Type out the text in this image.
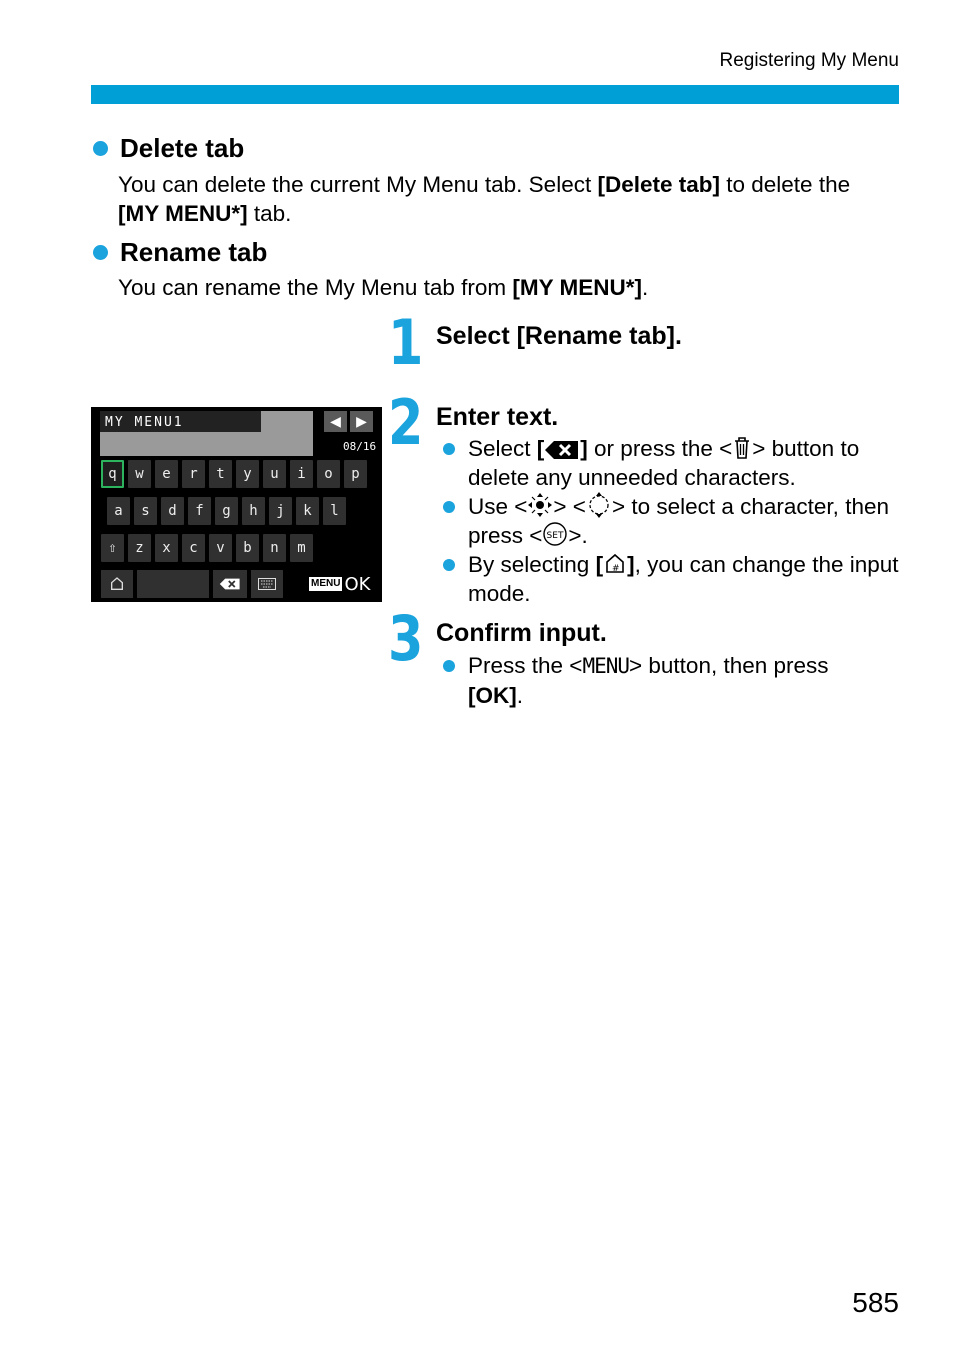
Registering My Menu
Delete tab
You can delete the current My Menu tab. Select [Delete tab] to delete the
[MY MENU*] tab.
Rename tab
You can rename the My Menu tab from [MY MENU*].
1 Select [Rename tab].
2 Enter text.
Select [ ] or press the < > button to delete any unneeded characters.
Use < > < > to select a character, then press < SET >.
By selecting [ # ], you can change the input mode.
MY MENU1	◀ ▶
08/16
q	w	e	r	t	y	u	i	o	p
a	s	d	f	g	h	j	k	l
⇧	z	x	c	v	b	n	m
MENU OK
3 Confirm input.
Press the <MENU> button, then press
[OK].
585
